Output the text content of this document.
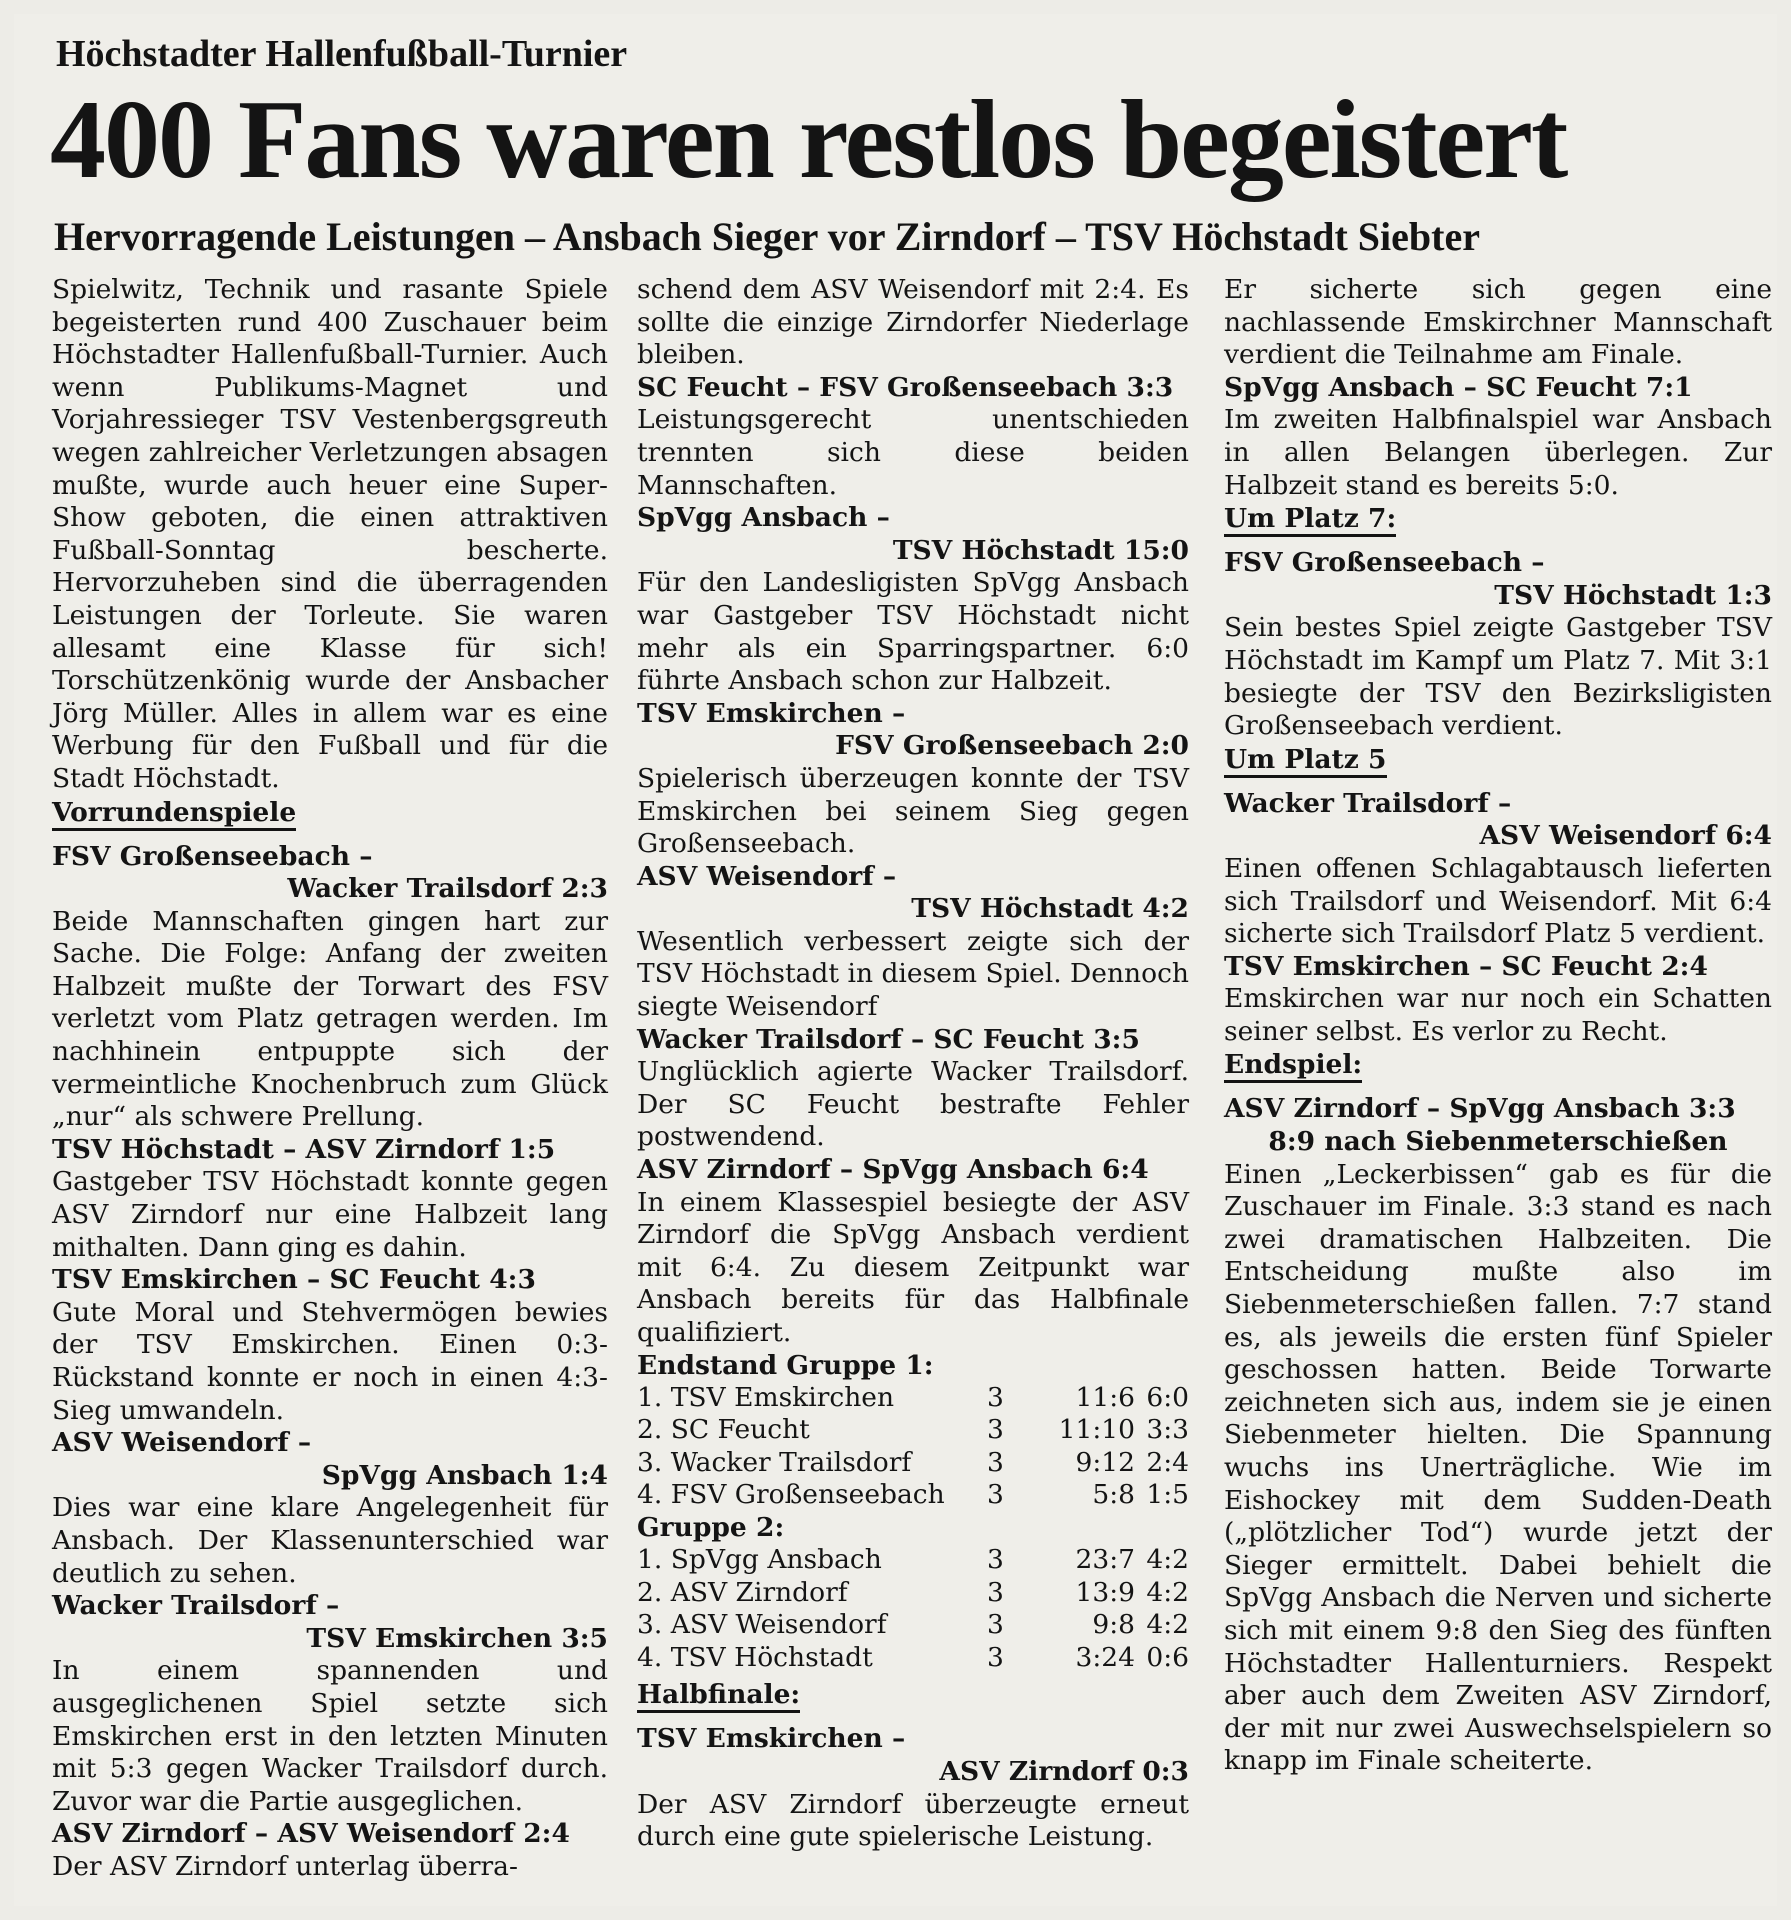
Höchstadter Hallenfußball-Turnier
400 Fans waren restlos begeistert
Hervorragende Leistungen – Ansbach Sieger vor Zirndorf – TSV Höchstadt Siebter

Spielwitz, Technik und rasante Spiele begeisterten rund 400 Zuschauer beim Höchstadter Hallenfußball-Turnier. Auch wenn Publikums-Magnet und Vorjahressieger TSV Vestenbergsgreuth wegen zahlreicher Verletzungen absagen mußte, wurde auch heuer eine Super-Show geboten, die einen attraktiven Fußball-Sonntag bescherte. Hervorzuheben sind die überragenden Leistungen der Torleute. Sie waren allesamt eine Klasse für sich! Torschützenkönig wurde der Ansbacher Jörg Müller. Alles in allem war es eine Werbung für den Fußball und für die Stadt Höchstadt.

Vorrundenspiele
FSV Großenseebach –
Wacker Trailsdorf 2:3

Beide Mannschaften gingen hart zur Sache. Die Folge: Anfang der zweiten Halbzeit mußte der Torwart des FSV verletzt vom Platz getragen werden. Im nachhinein entpuppte sich der vermeintliche Knochenbruch zum Glück „nur“ als schwere Prellung.

TSV Höchstadt – ASV Zirndorf 1:5

Gastgeber TSV Höchstadt konnte gegen ASV Zirndorf nur eine Halbzeit lang mithalten. Dann ging es dahin.

TSV Emskirchen – SC Feucht 4:3

Gute Moral und Stehvermögen bewies der TSV Emskirchen. Einen 0:3-Rückstand konnte er noch in einen 4:3-Sieg umwandeln.

ASV Weisendorf –
SpVgg Ansbach 1:4

Dies war eine klare Angelegenheit für Ansbach. Der Klassenunterschied war deutlich zu sehen.

Wacker Trailsdorf –
TSV Emskirchen 3:5

In einem spannenden und ausgeglichenen Spiel setzte sich Emskirchen erst in den letzten Minuten mit 5:3 gegen Wacker Trailsdorf durch. Zuvor war die Partie ausgeglichen.

ASV Zirndorf – ASV Weisendorf 2:4

Der ASV Zirndorf unterlag überra-

schend dem ASV Weisendorf mit 2:4. Es sollte die einzige Zirndorfer Niederlage bleiben.

SC Feucht – FSV Großenseebach 3:3

Leistungsgerecht unentschieden trennten sich diese beiden Mannschaften.

SpVgg Ansbach –
TSV Höchstadt 15:0

Für den Landesligisten SpVgg Ansbach war Gastgeber TSV Höchstadt nicht mehr als ein Sparringspartner. 6:0 führte Ansbach schon zur Halbzeit.

TSV Emskirchen –
FSV Großenseebach 2:0

Spielerisch überzeugen konnte der TSV Emskirchen bei seinem Sieg gegen Großenseebach.

ASV Weisendorf –
TSV Höchstadt 4:2

Wesentlich verbessert zeigte sich der TSV Höchstadt in diesem Spiel. Dennoch siegte Weisendorf

Wacker Trailsdorf – SC Feucht 3:5

Unglücklich agierte Wacker Trailsdorf. Der SC Feucht bestrafte Fehler postwendend.

ASV Zirndorf – SpVgg Ansbach 6:4

In einem Klassespiel besiegte der ASV Zirndorf die SpVgg Ansbach verdient mit 6:4. Zu diesem Zeitpunkt war Ansbach bereits für das Halbfinale qualifiziert.

Endstand Gruppe 1:
1. TSV Emskirchen	3	11:6	6:0
2. SC Feucht	3	11:10	3:3
3. Wacker Trailsdorf	3	9:12	2:4
4. FSV Großenseebach	3	5:8	1:5
Gruppe 2:
1. SpVgg Ansbach	3	23:7	4:2
2. ASV Zirndorf	3	13:9	4:2
3. ASV Weisendorf	3	9:8	4:2
4. TSV Höchstadt	3	3:24	0:6
Halbfinale:
TSV Emskirchen –
ASV Zirndorf 0:3

Der ASV Zirndorf überzeugte erneut durch eine gute spielerische Leistung.

Er sicherte sich gegen eine nachlassende Emskirchner Mannschaft verdient die Teilnahme am Finale.

SpVgg Ansbach – SC Feucht 7:1

Im zweiten Halbfinalspiel war Ansbach in allen Belangen überlegen. Zur Halbzeit stand es bereits 5:0.

Um Platz 7:
FSV Großenseebach –
TSV Höchstadt 1:3

Sein bestes Spiel zeigte Gastgeber TSV Höchstadt im Kampf um Platz 7. Mit 3:1 besiegte der TSV den Bezirksligisten Großenseebach verdient.

Um Platz 5
Wacker Trailsdorf –
ASV Weisendorf 6:4

Einen offenen Schlagabtausch lieferten sich Trailsdorf und Weisendorf. Mit 6:4 sicherte sich Trailsdorf Platz 5 verdient.

TSV Emskirchen – SC Feucht 2:4

Emskirchen war nur noch ein Schatten seiner selbst. Es verlor zu Recht.

Endspiel:
ASV Zirndorf – SpVgg Ansbach 3:3
8:9 nach Siebenmeterschießen

Einen „Leckerbissen“ gab es für die Zuschauer im Finale. 3:3 stand es nach zwei dramatischen Halbzeiten. Die Entscheidung mußte also im Siebenmeterschießen fallen. 7:7 stand es, als jeweils die ersten fünf Spieler geschossen hatten. Beide Torwarte zeichneten sich aus, indem sie je einen Siebenmeter hielten. Die Spannung wuchs ins Unerträgliche. Wie im Eishockey mit dem Sudden-Death („plötzlicher Tod“) wurde jetzt der Sieger ermittelt. Dabei behielt die SpVgg Ansbach die Nerven und sicherte sich mit einem 9:8 den Sieg des fünften Höchstadter Hallenturniers. Respekt aber auch dem Zweiten ASV Zirndorf, der mit nur zwei Auswechselspielern so knapp im Finale scheiterte.
